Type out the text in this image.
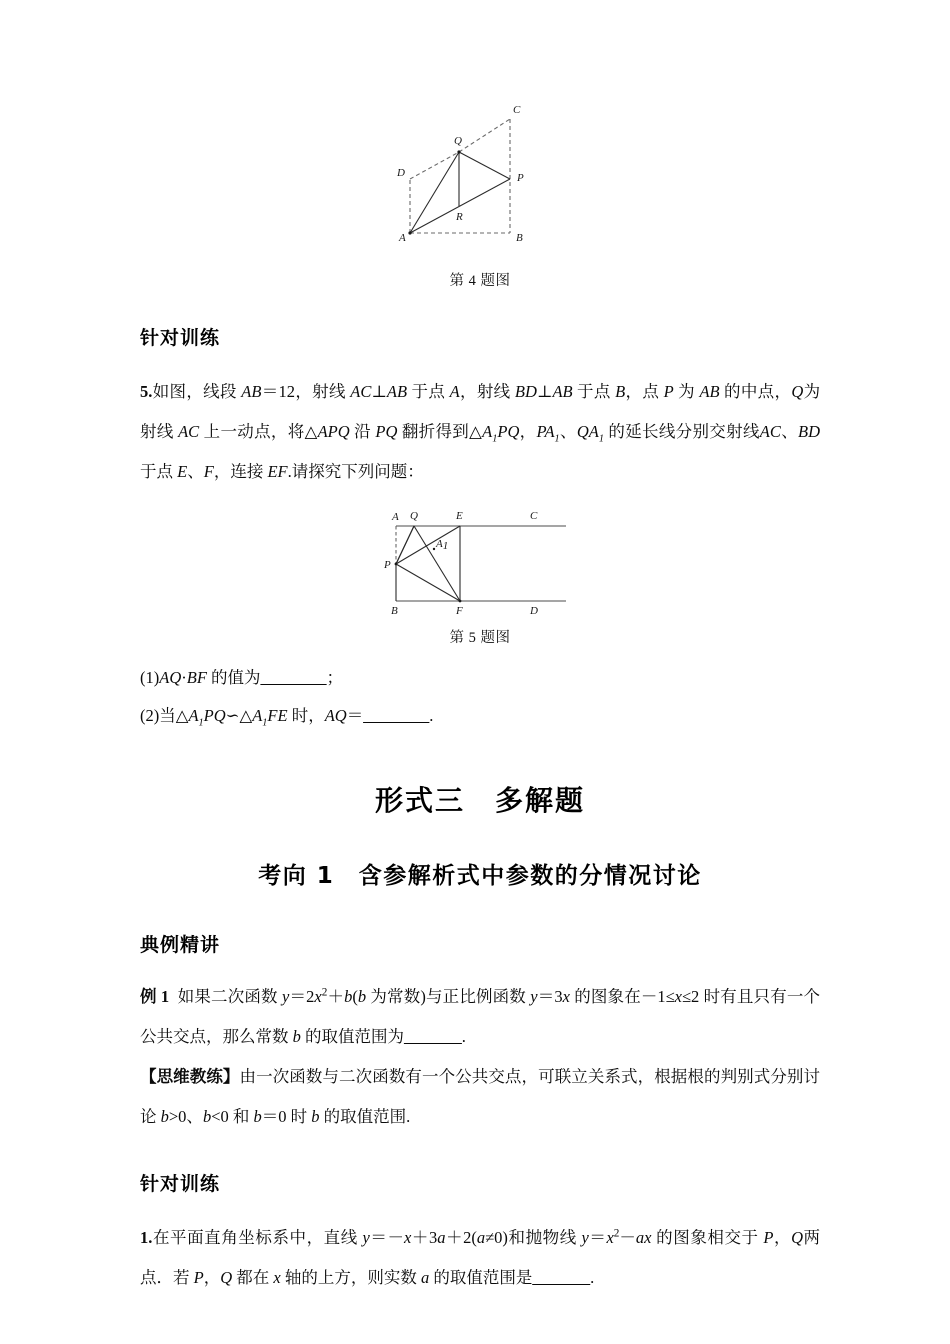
A	B
C
D	P
Q
R
第 4 题图
针对训练
5.如图，线段 AB＝12，射线 AC⊥AB 于点 A，射线 BD⊥AB 于点 B，点 P 为 AB 的中点，Q为射线 AC 上一动点，将△APQ 沿 PQ 翻折得到$\triangle A_1PQ$，$PA_1$、$QA_1$ 的延长线分别交射线AC、BD 于点 E、F，连接 EF.请探究下列问题：
A Q	E	C
P
A1
B	F	D
第 5 题图
(1)AQ·BF 的值为________；
(2)当$\triangle A_1PQ∽\triangle A_1FE$ 时，AQ＝________.
形式三　多解题
考向 1　含参解析式中参数的分情况讨论
典例精讲
例 1 如果二次函数 $y=2x^2+b(b$ 为常数)与正比例函数 y＝3x 的图象在－1≤x≤2 时有且只有一个公共交点，那么常数 b 的取值范围为_______.
【思维教练】由一次函数与二次函数有一个公共交点，可联立关系式，根据根的判别式分别讨论 b>0、b<0 和 b＝0 时 b 的取值范围.
针对训练
1.在平面直角坐标系中，直线 y＝－x＋3a＋2(a≠0)和抛物线 $y=x^2-ax$ 的图象相交于 P，Q两点．若 P，Q 都在 x 轴的上方，则实数 a 的取值范围是_______.
